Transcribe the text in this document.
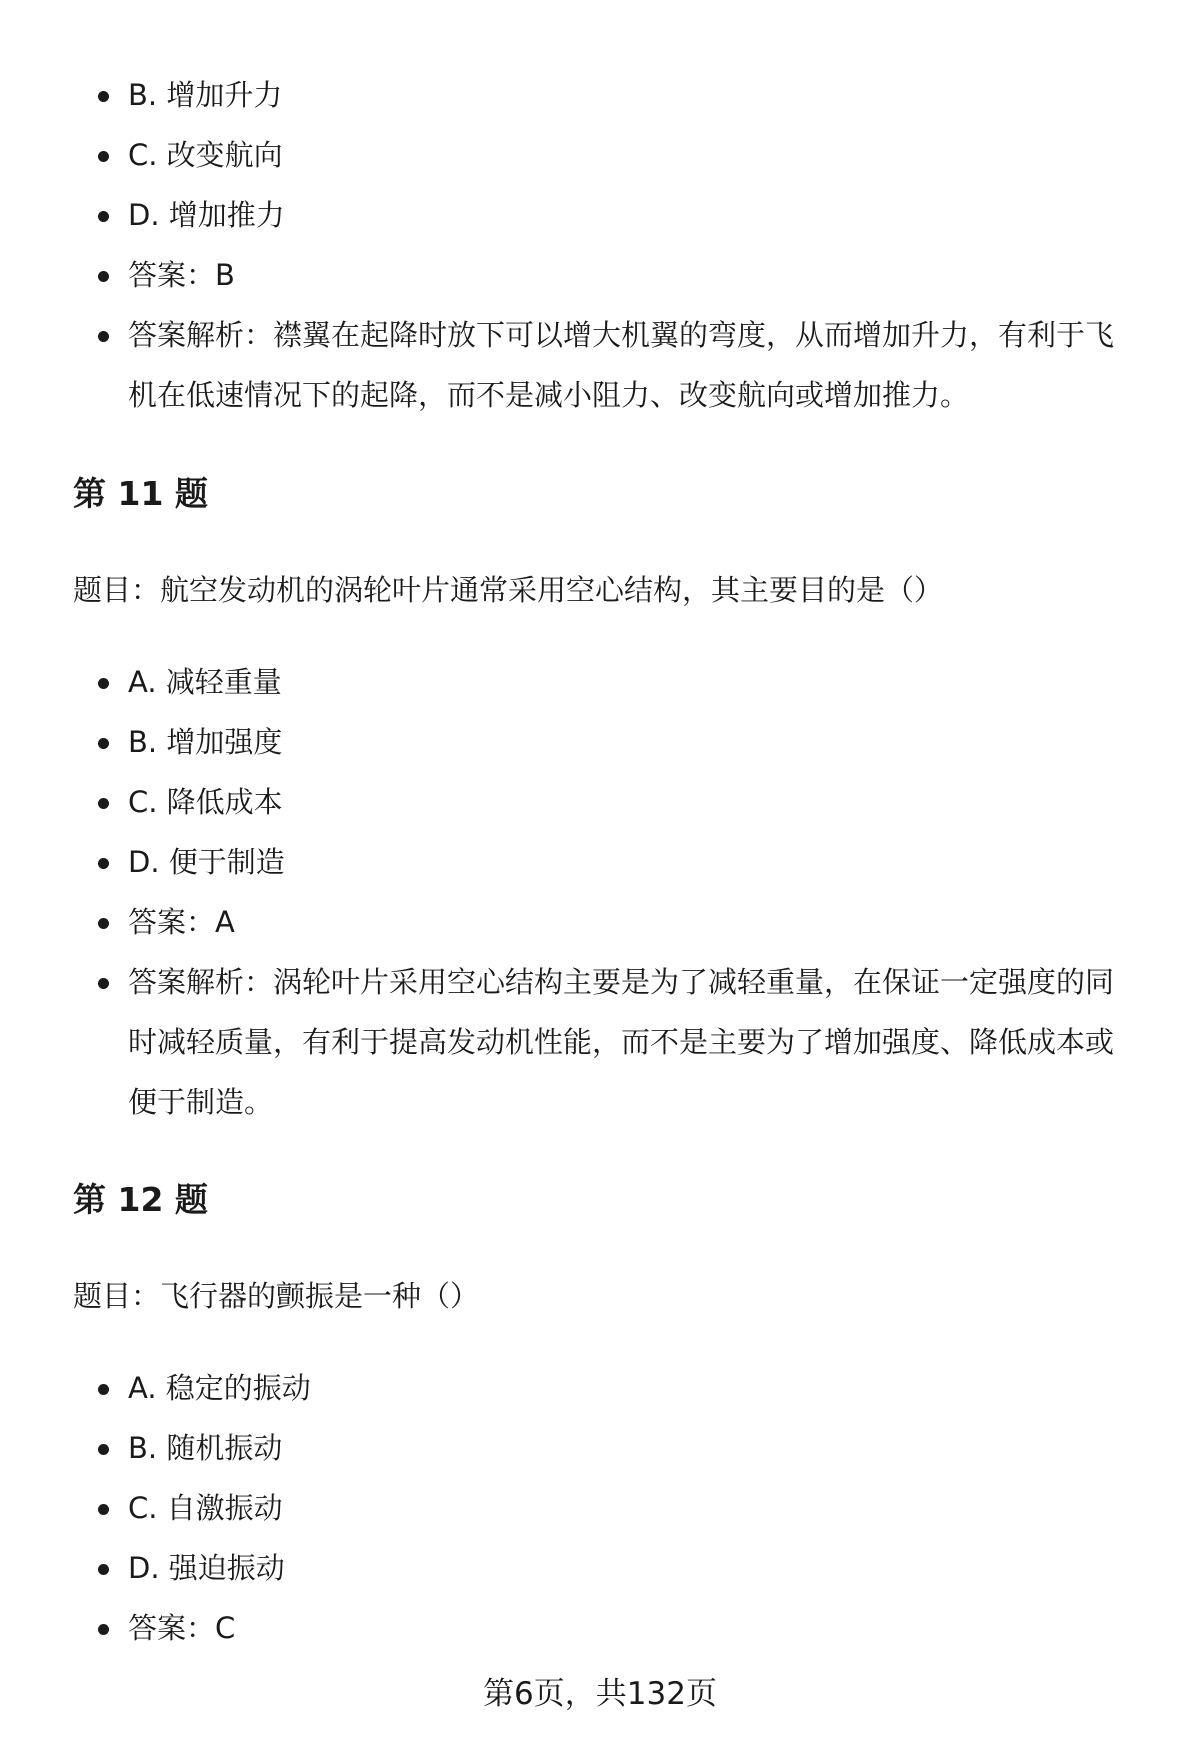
B. 增加升力
C. 改变航向
D. 增加推力
答案：B
答案解析：襟翼在起降时放下可以增大机翼的弯度，从而增加升力，有利于飞机在低速情况下的起降，而不是减小阻力、改变航向或增加推力。
第 11 题

题目：航空发动机的涡轮叶片通常采用空心结构，其主要目的是（）

A. 减轻重量
B. 增加强度
C. 降低成本
D. 便于制造
答案：A
答案解析：涡轮叶片采用空心结构主要是为了减轻重量，在保证一定强度的同时减轻质量，有利于提高发动机性能，而不是主要为了增加强度、降低成本或便于制造。
第 12 题

题目：飞行器的颤振是一种（）

A. 稳定的振动
B. 随机振动
C. 自激振动
D. 强迫振动
答案：C
第6页，共132页
